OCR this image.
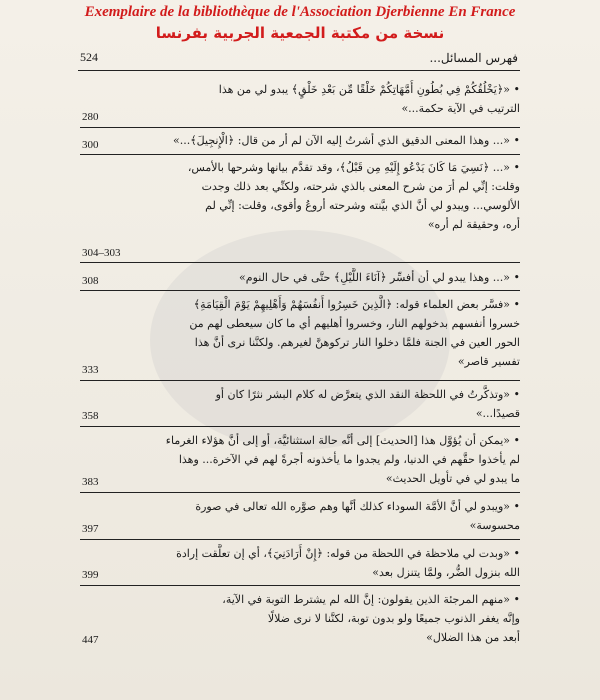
Exemplaire de la bibliothèque de l'Association Djerbienne En France
نسخة من مكتبة الجمعية الجربية بفرنسا
فهرس المسائل...
524

• «﴿يَخْلُقُكُمْ فِي بُطُونِ أُمَّهَاتِكُمْ خَلْقًا مِّن بَعْدِ خَلْقٍ﴾ يبدو لي من هذا

الترتيب في الآية حكمة...»

280

• «... وهذا المعنى الدقيق الذي أشرتُ إليه الآن لم أر من قال: ﴿الْإِنجِيلَ﴾...»

300

• «... ﴿نَسِيَ مَا كَانَ يَدْعُو إِلَيْهِ مِن قَبْلُ﴾، وقد تقدَّم بيانها وشرحها بالأمس،

وقلت: إنِّي لم أرَ من شرح المعنى بالذي شرحته، ولكنِّي بعد ذلك وجدت

الألوسي... ويبدو لي أنَّ الذي بيَّنته وشرحته أروعُ وأقوى، وقلت: إنِّي لم

أره، وحقيقة لم أره»

304–303

• «... وهذا يبدو لي أن أفسِّر ﴿آنَاءَ اللَّيْلِ﴾ حتَّى في حال النوم»

308

• «فسَّر بعض العلماء قوله: ﴿الَّذِينَ خَسِرُوا أَنفُسَهُمْ وَأَهْلِيهِمْ يَوْمَ الْقِيَامَةِ﴾

خسروا أنفسهم بدخولهم النار، وخسروا أهليهم أي ما كان سيعطى لهم من

الحور العين في الجنة فلمَّا دخلوا النار تركوهنَّ لغيرهم. ولكنَّنا نرى أنَّ هذا

تفسير قاصر»

333

• «وتذكَّرتُ في اللحظة النقد الذي يتعرَّض له كلام البشر نثرًا كان أو

قصيدًا...»

358

• «يمكن أن يُؤوَّل هذا [الحديث] إلى أنَّه حالة استثنائيَّة، أو إلى أنَّ هؤلاء الغرماء

لم يأخذوا حقَّهم في الدنيا، ولم يجدوا ما يأخذونه أجرةً لهم في الآخرة... وهذا

ما يبدو لي في تأويل الحديث»

383

• «ويبدو لي أنَّ الأمَّة السوداء كذلك أنَّها وهم صوَّره الله تعالى في صورة

محسوسة»

397

• «وبدت لي ملاحظة في اللحظة من قوله: ﴿إِنْ أَرَادَنِيَ﴾، أي إن تعلَّقت إرادة

الله بنزول الضُّر، ولمَّا يتنزل بعد»

399

• «منهم المرجئة الذين يقولون: إنَّ الله لم يشترط التوبة في الآية،

وإنَّه يغفر الذنوب جميعًا ولو بدون توبة، لكنَّنا لا نرى ضلالًا

أبعد من هذا الضلال»

447
